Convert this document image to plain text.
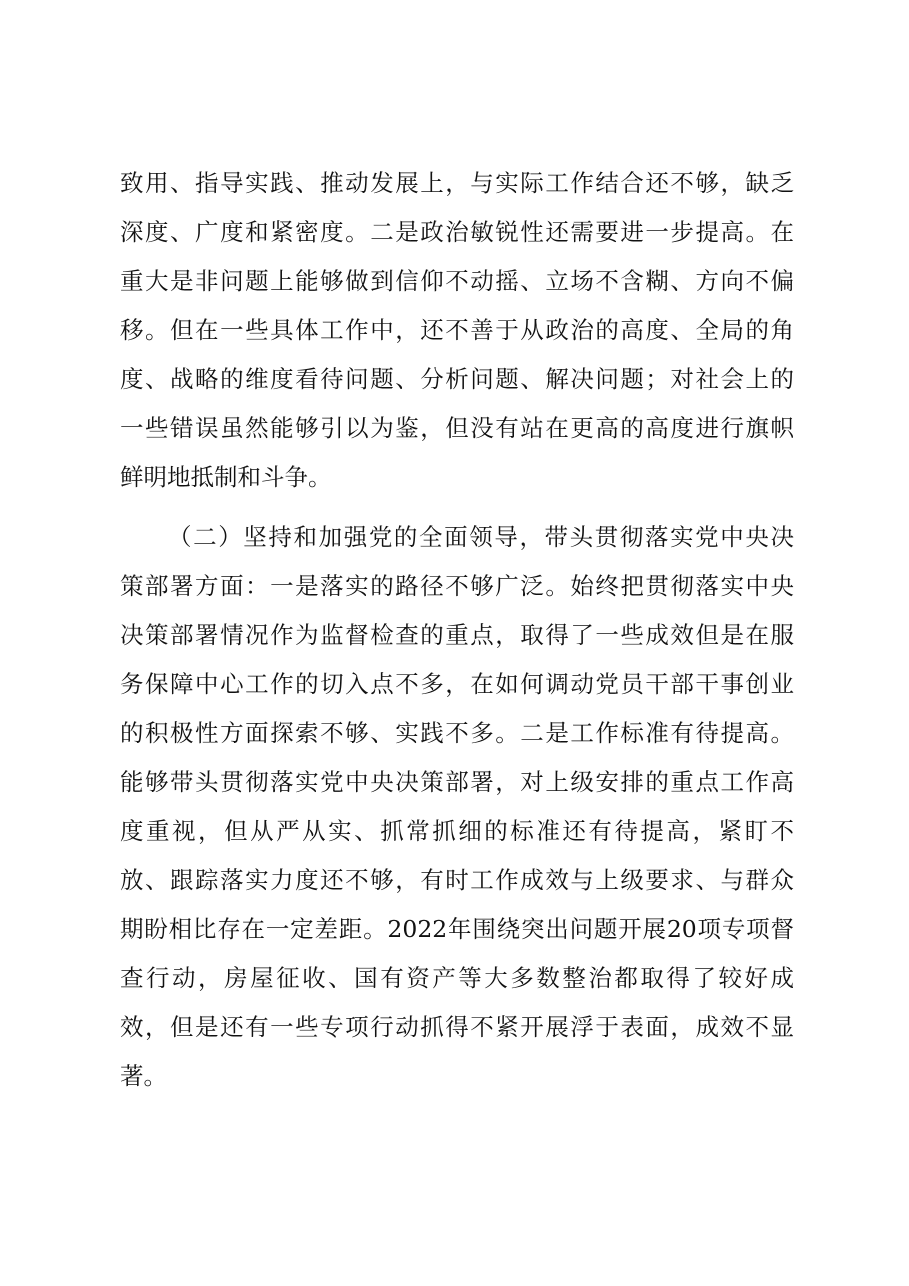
致用、指导实践、推动发展上，与实际工作结合还不够，缺乏
深度、广度和紧密度。二是政治敏锐性还需要进一步提高。在
重大是非问题上能够做到信仰不动摇、立场不含糊、方向不偏
移。但在一些具体工作中，还不善于从政治的高度、全局的角
度、战略的维度看待问题、分析问题、解决问题；对社会上的
一些错误虽然能够引以为鉴，但没有站在更高的高度进行旗帜
鲜明地抵制和斗争。
（二）坚持和加强党的全面领导，带头贯彻落实党中央决
策部署方面：一是落实的路径不够广泛。始终把贯彻落实中央
决策部署情况作为监督检查的重点，取得了一些成效但是在服
务保障中心工作的切入点不多，在如何调动党员干部干事创业
的积极性方面探索不够、实践不多。二是工作标准有待提高。
能够带头贯彻落实党中央决策部署，对上级安排的重点工作高
度重视，但从严从实、抓常抓细的标准还有待提高，紧盯不
放、跟踪落实力度还不够，有时工作成效与上级要求、与群众
期盼相比存在一定差距。2022年围绕突出问题开展20项专项督
查行动，房屋征收、国有资产等大多数整治都取得了较好成
效，但是还有一些专项行动抓得不紧开展浮于表面，成效不显
著。
